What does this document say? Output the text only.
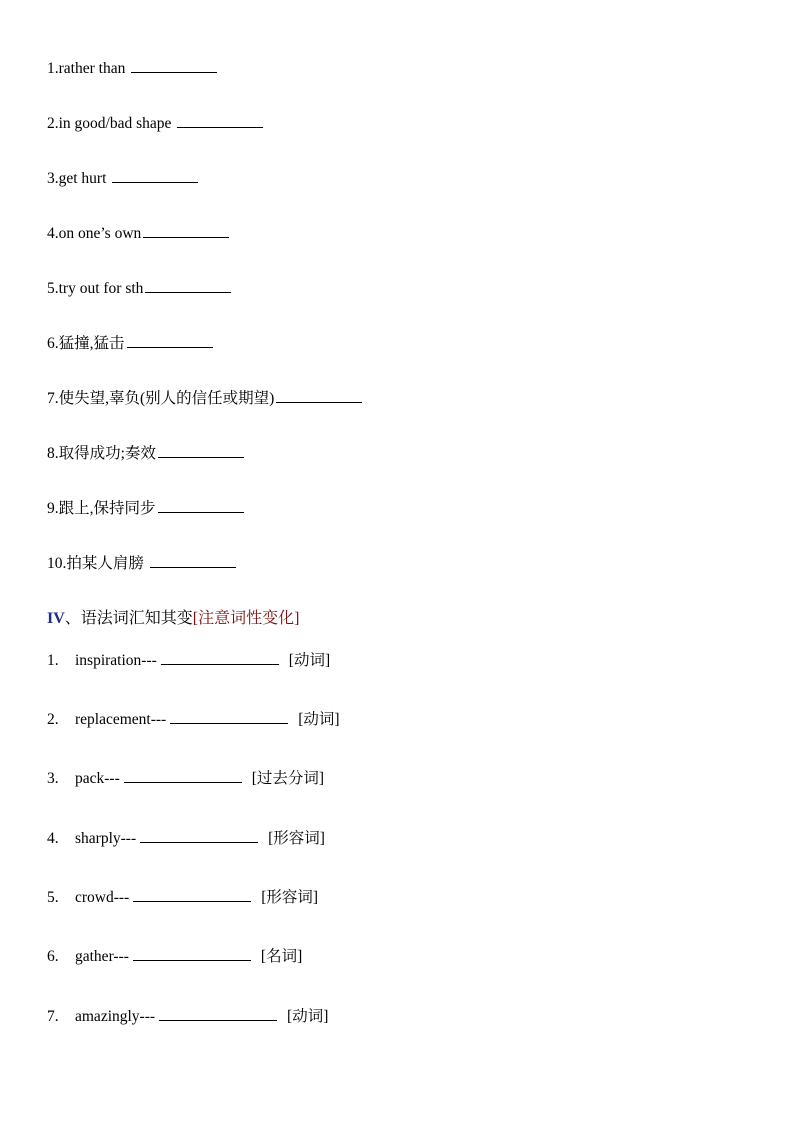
1.rather than
2.in good/bad shape
3.get hurt
4.on one’s own
5.try out for sth
6.猛撞,猛击
7.使失望,辜负(别人的信任或期望)
8.取得成功;奏效
9.跟上,保持同步
10.拍某人肩膀
IV、语法词汇知其变[注意词性变化]
1. inspiration---	[动词]
2. replacement---	[动词]
3. pack---	[过去分词]
4. sharply---	[形容词]
5. crowd---	[形容词]
6. gather---	[名词]
7. amazingly---	[动词]
